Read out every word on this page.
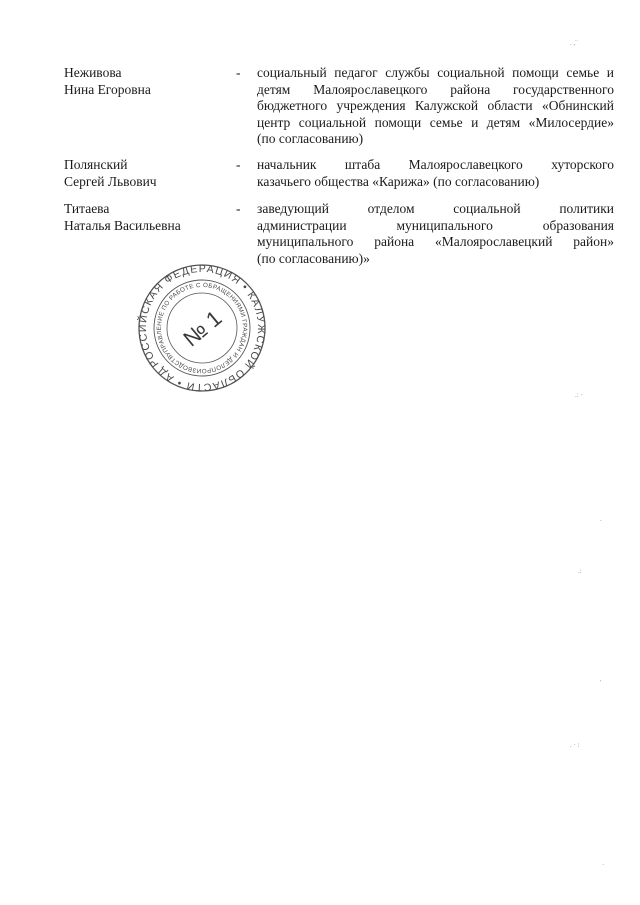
Неживова
Нина Егоровна
- социальный педагог службы социальной помощи семье и
детям Малоярославецкого района государственного
бюджетного учреждения Калужской области «Обнинский
центр социальной помощи семье и детям «Милосердие»
(по согласованию)
Полянский
Сергей Львович
- начальник штаба Малоярославецкого хуторского
казачьего общества «Карижа» (по согласованию)
Титаева
Наталья Васильевна
- заведующий отделом социальной политики
администрации муниципального образования
муниципального района «Малоярославецкий район»
(по согласованию)»
РОССИЙСКАЯ ФЕДЕРАЦИЯ • КАЛУЖСКОЙ ОБЛАСТИ • АДМИНИСТРАЦИЯ
УПРАВЛЕНИЕ ПО РАБОТЕ С ОБРАЩЕНИЯМИ ГРАЖДАН И ДЕЛОПРОИЗВОДСТВУ	№ 1
. ,¨
.: ·
.
.:
'
. · :
·
